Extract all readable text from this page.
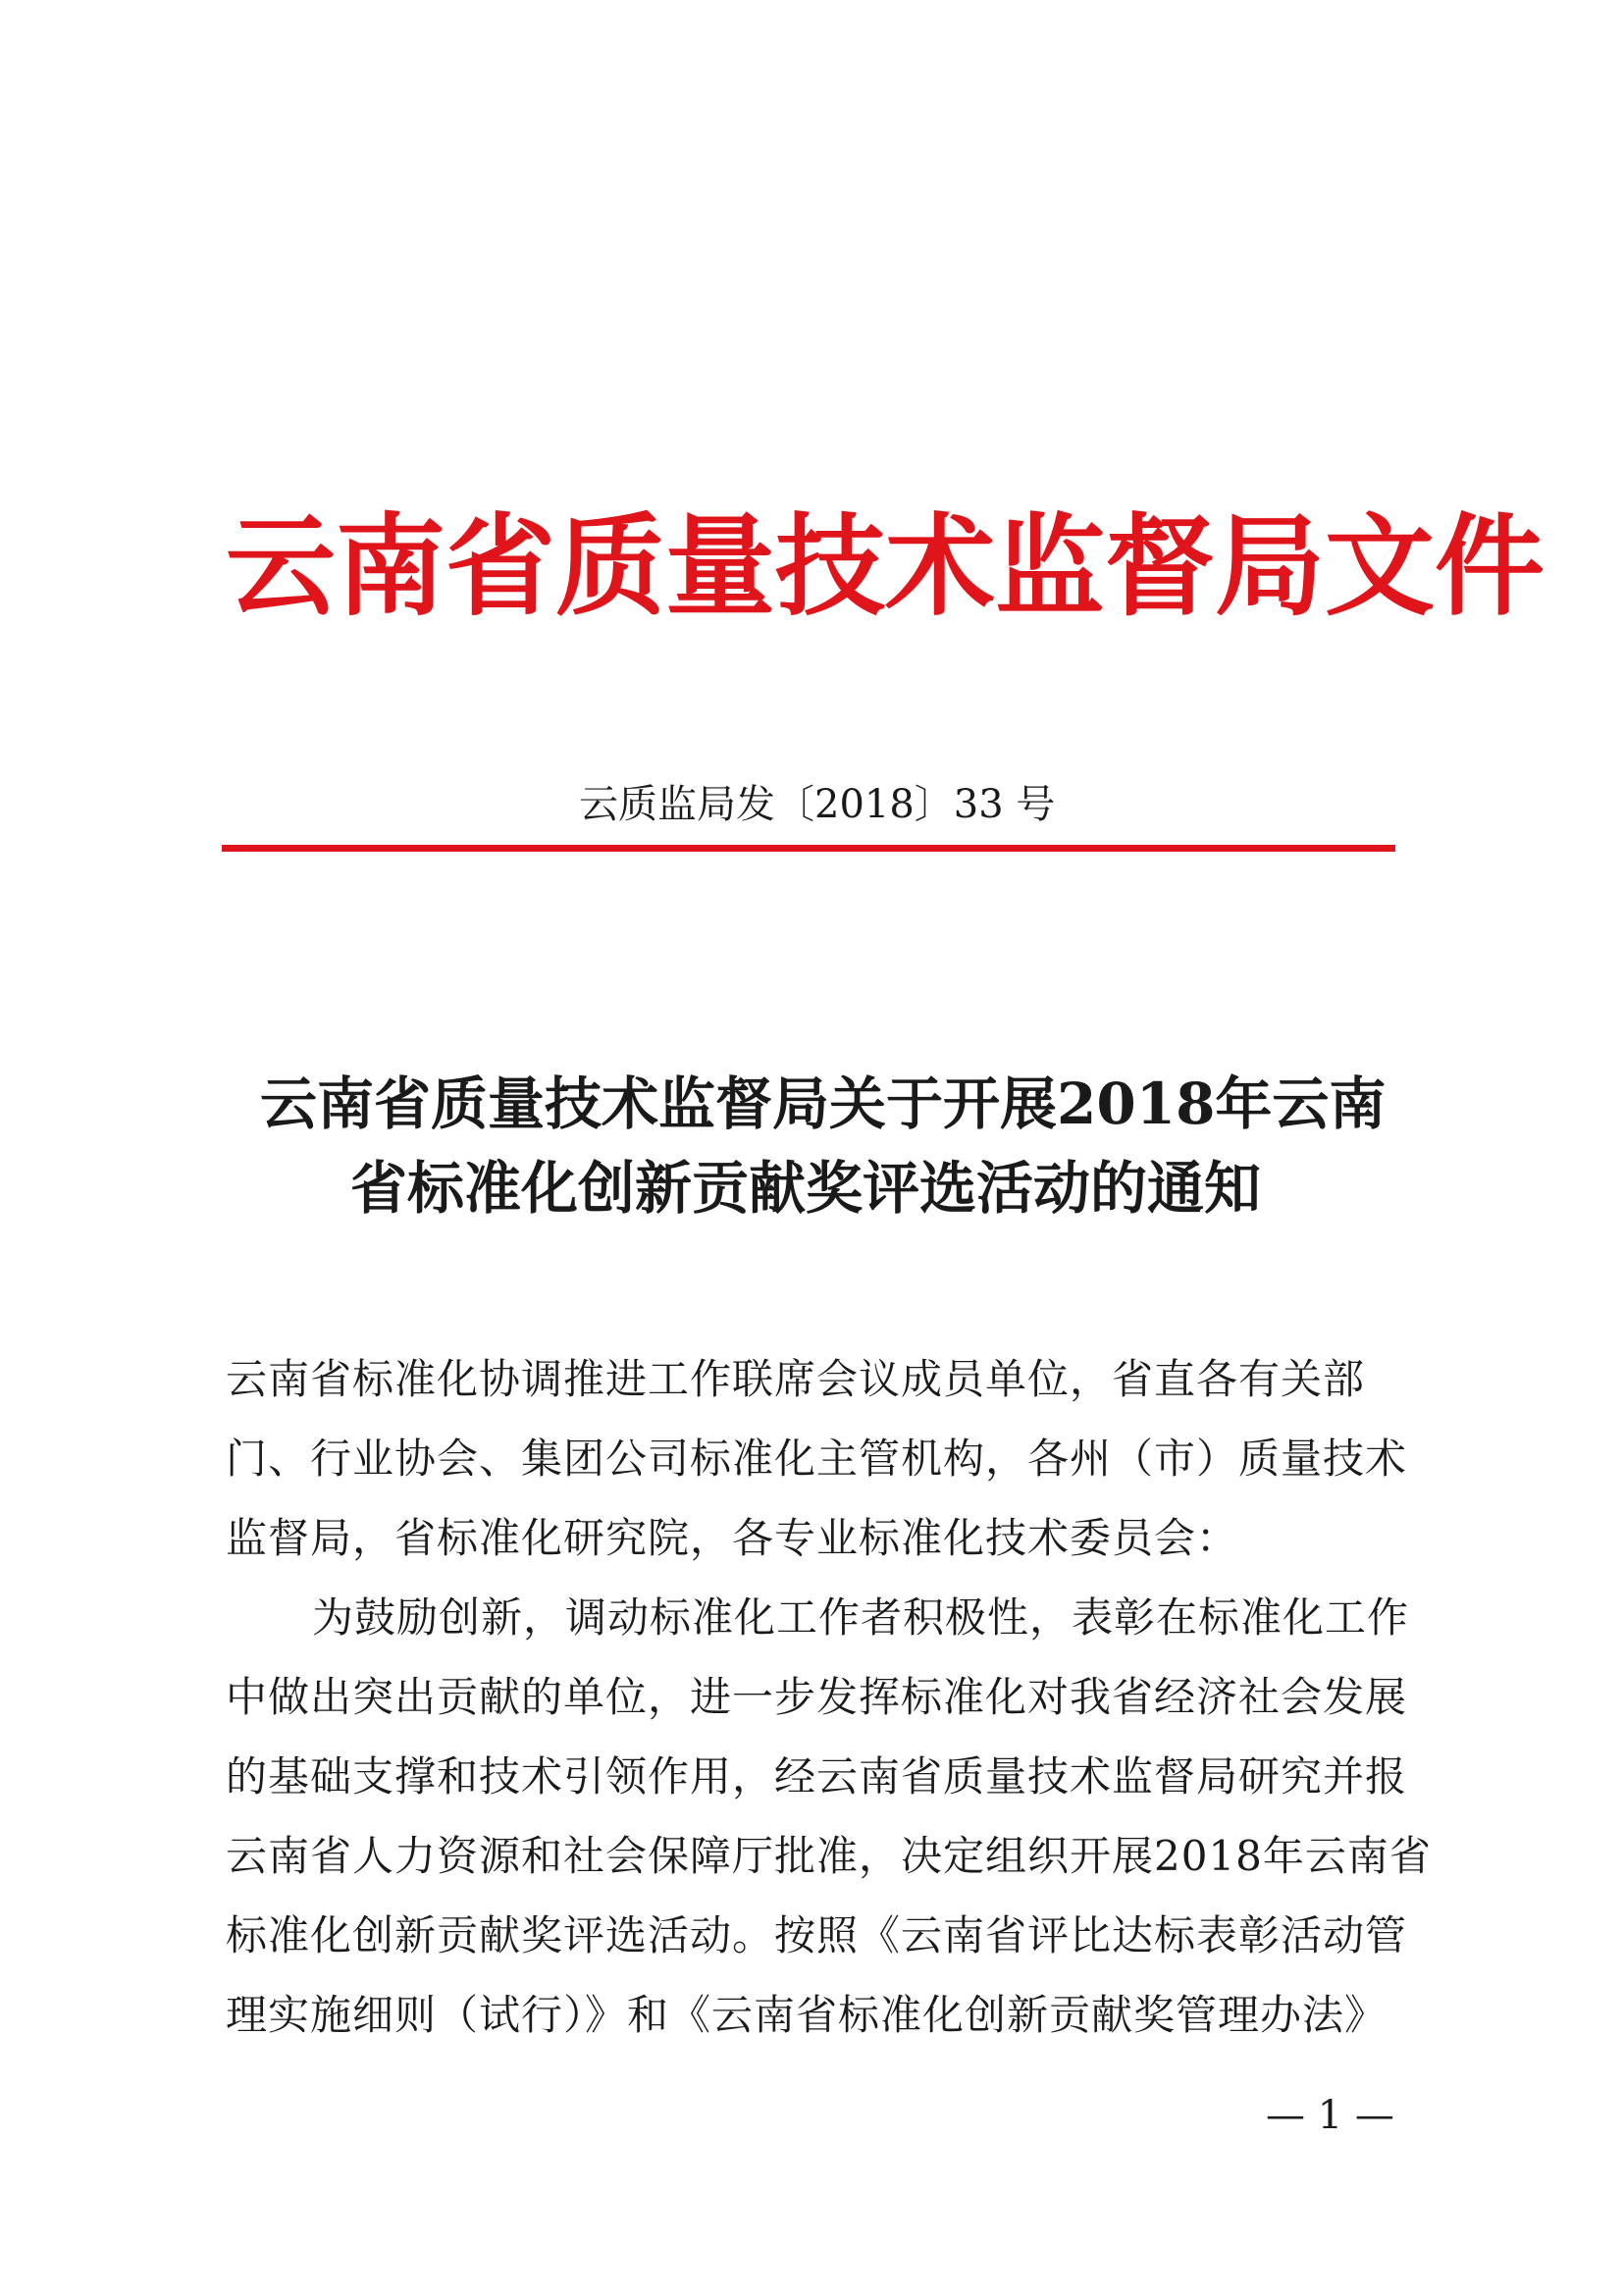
云南省质量技术监督局文件
云质监局发〔2018〕33 号
云南省质量技术监督局关于开展2018年云南
省标准化创新贡献奖评选活动的通知
云南省标准化协调推进工作联席会议成员单位，省直各有关部
门、行业协会、集团公司标准化主管机构，各州（市）质量技术
监督局，省标准化研究院，各专业标准化技术委员会：
为鼓励创新，调动标准化工作者积极性，表彰在标准化工作
中做出突出贡献的单位，进一步发挥标准化对我省经济社会发展
的基础支撑和技术引领作用，经云南省质量技术监督局研究并报
云南省人力资源和社会保障厅批准，决定组织开展2018年云南省
标准化创新贡献奖评选活动。按照《云南省评比达标表彰活动管
理实施细则（试行）》和《云南省标准化创新贡献奖管理办法》
— 1 —
